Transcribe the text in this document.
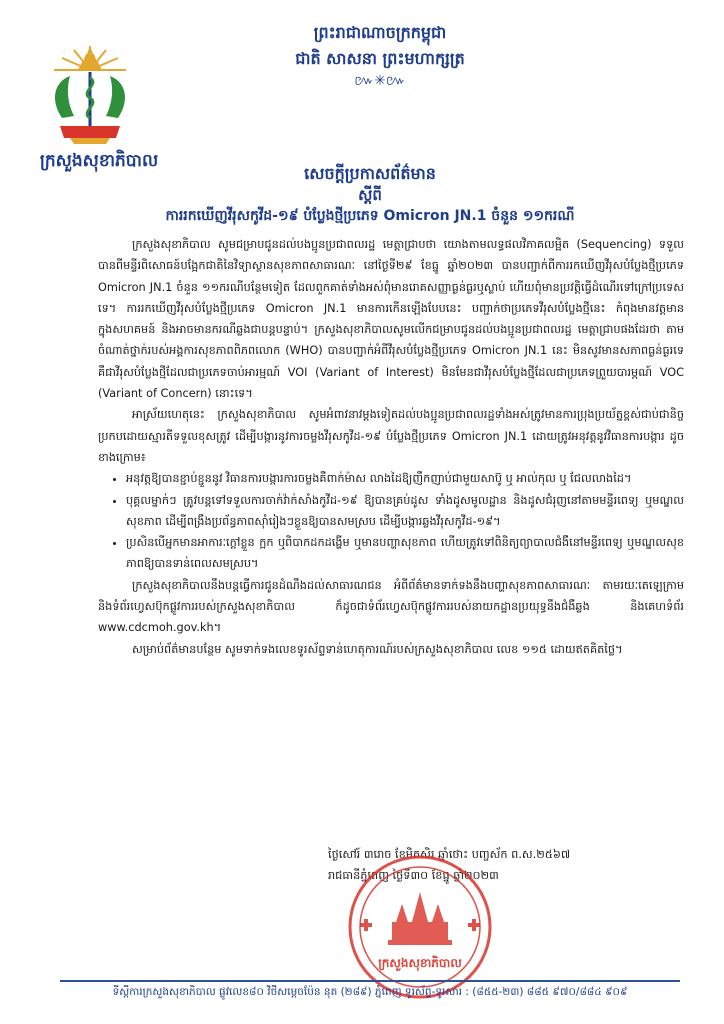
ព្រះរាជាណាចក្រកម្ពុជា
ជាតិ សាសនា ព្រះមហាក្សត្រ
៚✳៚
ក្រសួងសុខាភិបាល
សេចក្តីប្រកាសព័ត៌មាន
ស្តីពី
ការរកឃើញវីរុសកូវីដ-១៩ បំប្លែងថ្មីប្រភេទ Omicron JN.1 ចំនួន ១១ករណី

ក្រសួងសុខាភិបាល សូមជម្រាបជូនដល់បងប្អូនប្រជាពលរដ្ឋ មេត្តាជ្រាបថា យោងតាមលទ្ធផលវិភាគលម្អិត (Sequencing) ទទួលបានពីមន្ទីរពិសោធន៍បង្អែកជាតិនៃវិទ្យាស្ថានសុខភាពសាធារណៈ នៅថ្ងៃទី២៩ ខែធ្នូ ឆ្នាំ២០២៣ បានបញ្ជាក់ពីការរកឃើញវីរុសបំប្លែងថ្មីប្រភេទ Omicron JN.1 ចំនួន ១១ករណីបន្ថែមទៀត ដែលពួកគាត់ទាំងអស់ពុំមានរោគសញ្ញាធ្ងន់ធ្ងរឬស្លាប់ ហើយពុំមានប្រវត្តិធ្វើដំណើរទៅក្រៅប្រទេសទេ។ ការរកឃើញវីរុសបំប្លែងថ្មីប្រភេទ Omicron JN.1 មានការកើនឡើងបែបនេះ បញ្ជាក់ថាប្រភេទវីរុសបំប្លែងថ្មីនេះ កំពុងមានវត្តមានក្នុងសហគមន៍ និងអាចមានករណីឆ្លងជាបន្តបន្ទាប់។ ក្រសួងសុខាភិបាលសូមលើកជម្រាបជូនដល់បងប្អូនប្រជាពលរដ្ឋ មេត្តាជ្រាបផងដែរថា តាមចំណាត់ថ្នាក់របស់អង្គការសុខភាពពិភពលោក (WHO) បានបញ្ជាក់អំពីវីរុសបំប្លែងថ្មីប្រភេទ Omicron JN.1 នេះ មិនសូវមានសភាពធ្ងន់ធ្ងរទេ គឺជាវីរុសបំប្លែងថ្មីដែលជាប្រភេទចាប់អារម្មណ៍ VOI (Variant of Interest) មិនមែនជាវីរុសបំប្លែងថ្មីដែលជាប្រភេទព្រួយបារម្ភណ៍ VOC (Variant of Concern) នោះទេ។

អាស្រ័យហេតុនេះ ក្រសួងសុខាភិបាល សូមអំពាវនាវម្តងទៀតដល់បងប្អូនប្រជាពលរដ្ឋទាំងអស់ត្រូវមានការប្រុងប្រយ័ត្នខ្ពស់ជាប់ជានិច្ចប្រកបដោយស្មារតីទទួលខុសត្រូវ ដើម្បីបង្ការនូវការចម្លងវីរុសកូវីដ-១៩ បំប្លែងថ្មីប្រភេទ Omicron JN.1 ដោយត្រូវអនុវត្តនូវវិធានការបង្ការ ដូចខាងក្រោម៖

• អនុវត្តឱ្យបានខ្ជាប់ខ្ជួននូវ វិធានការបង្ការការចម្លងគឺពាក់ម៉ាស លាងដៃឱ្យញឹកញាប់ជាមួយសាប៊ូ ឬ អាល់កុល ឬ ជែលលាងដៃ។
• បុគ្គលម្នាក់ៗ ត្រូវបន្តទៅទទួលការចាក់វ៉ាក់សាំងកូវីដ-១៩ ឱ្យបានគ្រប់ដូស ទាំងដូសមូលដ្ឋាន និងដូសជំរុញនៅតាមមន្ទីរពេទ្យ ឬមណ្ឌលសុខភាព ដើម្បីពង្រឹងប្រព័ន្ធភាពស៊ាំរៀងៗខ្លួនឱ្យបានសមស្រប ដើម្បីបង្ការឆ្លងវីរុសកូវីដ-១៩។
• ប្រសិនបើអ្នកមានអាការៈក្តៅខ្លួន ក្អក ឬពិបាកដកដង្ហើម ឬមានបញ្ហាសុខភាព ហើយត្រូវទៅពិនិត្យព្យាបាលជំងឺនៅមន្ទីរពេទ្យ ឬមណ្ឌលសុខភាពឱ្យបានទាន់ពេលសមស្រប។

ក្រសួងសុខាភិបាលនឹងបន្តធ្វើការជូនដំណឹងដល់សាធារណជន អំពីព័ត៌មានទាក់ទងនឹងបញ្ហាសុខភាពសាធារណៈ តាមរយៈតេឡេក្រាម និងទំព័រហ្វេសប៊ុកផ្លូវការរបស់ក្រសួងសុខាភិបាល ក៏ដូចជាទំព័រហ្វេសប៊ុកផ្លូវការរបស់នាយកដ្ឋានប្រយុទ្ធនឹងជំងឺឆ្លង និងគេហទំព័រ www.cdcmoh.gov.kh។

សម្រាប់ព័ត៌មានបន្ថែម សូមទាក់ទងលេខទូរស័ព្ទទាន់ហេតុការណ៍របស់ក្រសួងសុខាភិបាល លេខ ១១៥ ដោយឥតគិតថ្លៃ។

ថ្ងៃសៅរ៍ ៣រោច ខែមិគសិរ ឆ្នាំថោះ បញ្ចស័ក ព.ស.២៥៦៧
រាជធានីភ្នំពេញ ថ្ងៃទី៣០ ខែធ្នូ ឆ្នាំ២០២៣
ក្រសួងសុខាភិបាល
ទីស្តីការក្រសួងសុខាភិបាល ផ្លូវលេខ៨០ វិថីសម្តេចប៉ែន នុត (២៨៩) ភ្នំពេញ ទូរស័ព្ទ-ទូរសារ : (៨៥៥-២៣) ៨៨៥ ៩៧០/៨៨៤ ៩០៩
